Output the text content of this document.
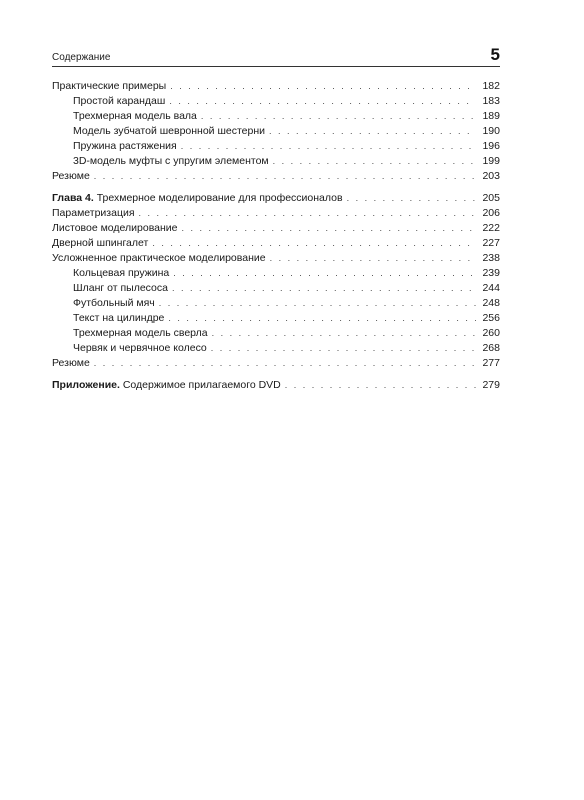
Содержание	5
Практические примеры . . .	182
Простой карандаш . . .	183
Трехмерная модель вала . . .	189
Модель зубчатой шевронной шестерни . . .	190
Пружина растяжения . . .	196
3D-модель муфты с упругим элементом . . .	199
Резюме . . .	203
Глава 4. Трехмерное моделирование для профессионалов . . .	205
Параметризация . . .	206
Листовое моделирование . . .	222
Дверной шпингалет . . .	227
Усложненное практическое моделирование . . .	238
Кольцевая пружина . . .	239
Шланг от пылесоса . . .	244
Футбольный мяч . . .	248
Текст на цилиндре . . .	256
Трехмерная модель сверла . . .	260
Червяк и червячное колесо . . .	268
Резюме . . .	277
Приложение. Содержимое прилагаемого DVD . . .	279
